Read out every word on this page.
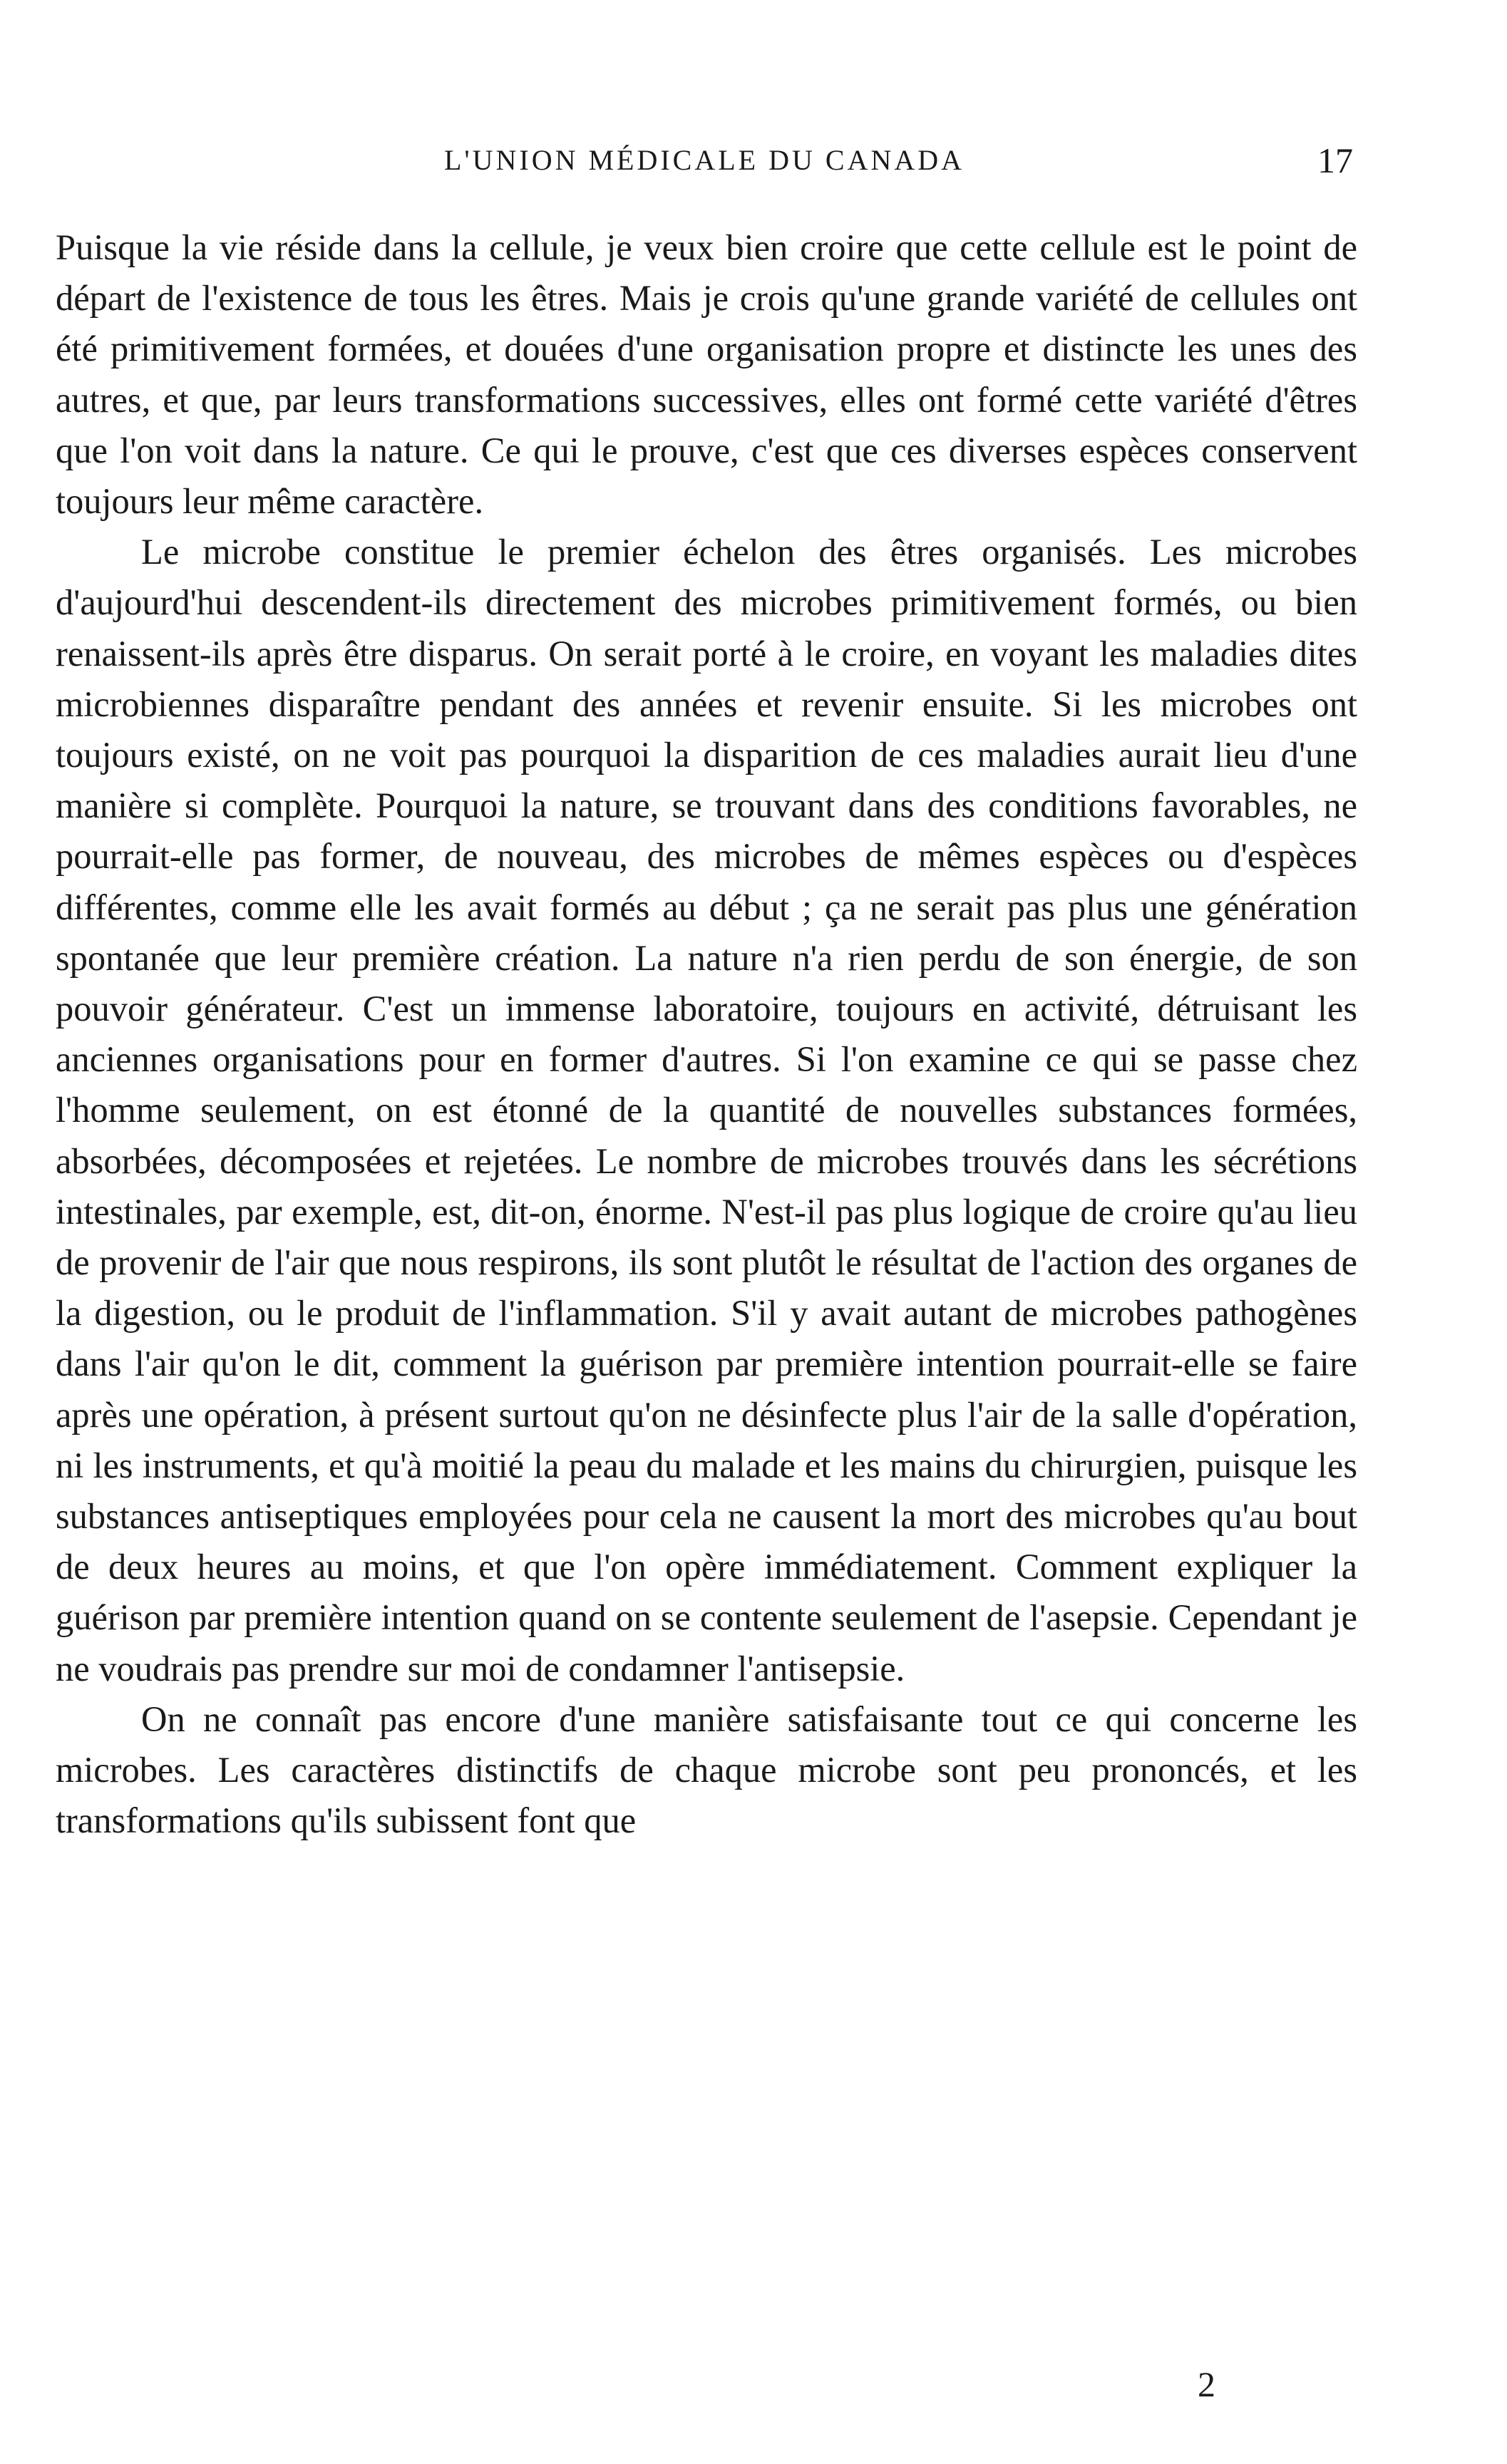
L'UNION MÉDICALE DU CANADA	17

Puisque la vie réside dans la cellule, je veux bien croire que cette cellule est le point de départ de l'existence de tous les êtres. Mais je crois qu'une grande variété de cellules ont été primitivement formées, et douées d'une organisation propre et distincte les unes des autres, et que, par leurs transformations successives, elles ont formé cette variété d'êtres que l'on voit dans la nature. Ce qui le prouve, c'est que ces diverses espèces conservent toujours leur même caractère.

Le microbe constitue le premier échelon des êtres organisés. Les microbes d'aujourd'hui descendent-ils directement des microbes primitivement formés, ou bien renaissent-ils après être disparus. On serait porté à le croire, en voyant les maladies dites microbiennes disparaître pendant des années et revenir ensuite. Si les microbes ont toujours existé, on ne voit pas pourquoi la disparition de ces maladies aurait lieu d'une manière si complète. Pourquoi la nature, se trouvant dans des conditions favorables, ne pourrait-elle pas former, de nouveau, des microbes de mêmes espèces ou d'espèces différentes, comme elle les avait formés au début ; ça ne serait pas plus une génération spontanée que leur première création. La nature n'a rien perdu de son énergie, de son pouvoir générateur. C'est un immense laboratoire, toujours en activité, détruisant les anciennes organisations pour en former d'autres. Si l'on examine ce qui se passe chez l'homme seulement, on est étonné de la quantité de nouvelles substances formées, absorbées, décomposées et rejetées. Le nombre de microbes trouvés dans les sécrétions intestinales, par exemple, est, dit-on, énorme. N'est-il pas plus logique de croire qu'au lieu de provenir de l'air que nous respirons, ils sont plutôt le résultat de l'action des organes de la digestion, ou le produit de l'inflammation. S'il y avait autant de microbes pathogènes dans l'air qu'on le dit, comment la guérison par première intention pourrait-elle se faire après une opération, à présent surtout qu'on ne désinfecte plus l'air de la salle d'opération, ni les instruments, et qu'à moitié la peau du malade et les mains du chirurgien, puisque les substances antiseptiques employées pour cela ne causent la mort des microbes qu'au bout de deux heures au moins, et que l'on opère immédiatement. Comment expliquer la guérison par première intention quand on se contente seulement de l'asepsie. Cependant je ne voudrais pas prendre sur moi de condamner l'antisepsie.

On ne connaît pas encore d'une manière satisfaisante tout ce qui concerne les microbes. Les caractères distinctifs de chaque microbe sont peu prononcés, et les transformations qu'ils subissent font que

2
